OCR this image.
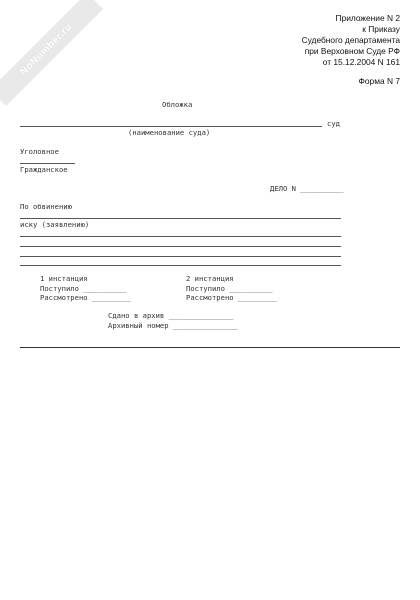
NoNumber.ru
Приложение N 2
к Приказу
Судебного департамента
при Верховном Суде РФ
от 15.12.2004 N 161
Форма N 7
Обложка
суд
(наименование суда)
Уголовное
Гражданское
ДЕЛО N __________
По обвинению
иску (заявлению)
1 инстанция
Поступило __________
Рассмотрено _________
2 инстанция
Поступило __________
Рассмотрено _________
Сдано в архив _______________
Архивный номер _______________
